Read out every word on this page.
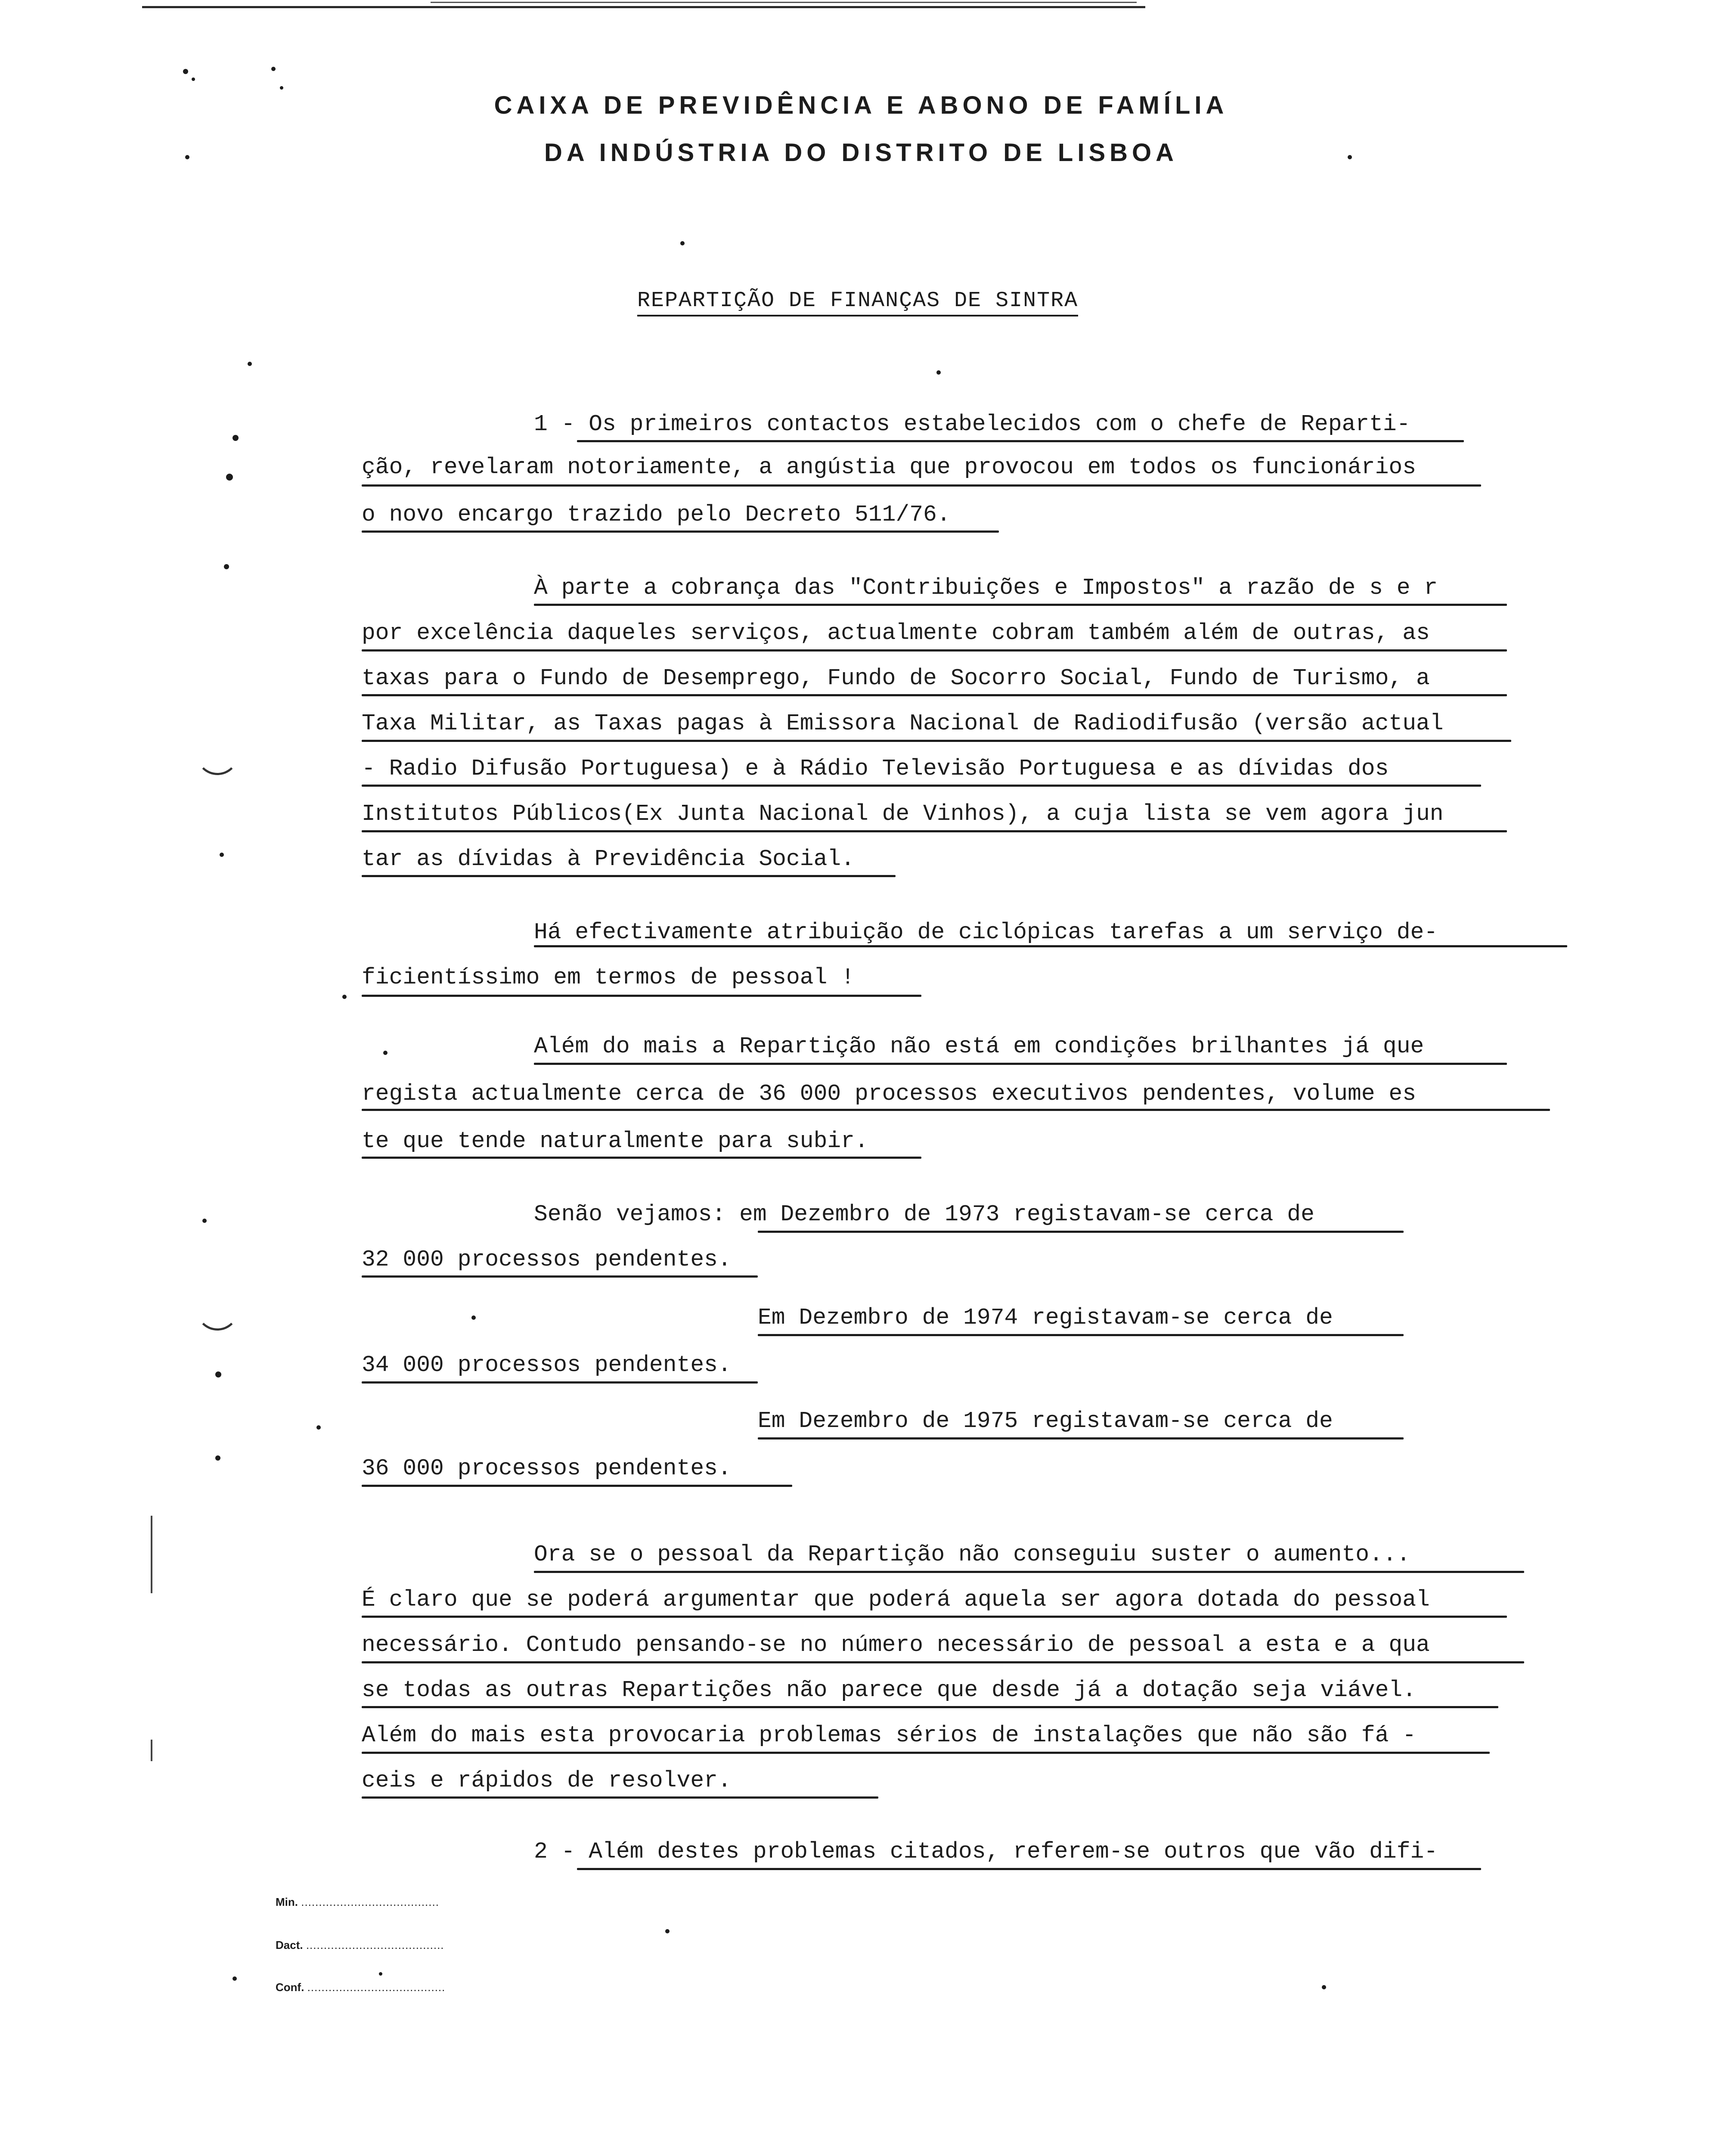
CAIXA DE PREVIDÊNCIA E ABONO DE FAMÍLIA
DA INDÚSTRIA DO DISTRITO DE LISBOA
REPARTIÇÃO DE FINANÇAS DE SINTRA
1 - Os primeiros contactos estabelecidos com o chefe de Reparti-
ção, revelaram notoriamente, a angústia que provocou em todos os funcionários
o novo encargo trazido pelo Decreto 511/76.
À parte a cobrança das "Contribuições e Impostos" a razão de s e r
por excelência daqueles serviços, actualmente cobram também além de outras, as
taxas para o Fundo de Desemprego, Fundo de Socorro Social, Fundo de Turismo, a
Taxa Militar, as Taxas pagas à Emissora Nacional de Radiodifusão (versão actual
- Radio Difusão Portuguesa) e à Rádio Televisão Portuguesa e as dívidas dos
Institutos Públicos(Ex Junta Nacional de Vinhos), a cuja lista se vem agora jun
tar as dívidas à Previdência Social.
Há efectivamente atribuição de ciclópicas tarefas a um serviço de-
ficientíssimo em termos de pessoal !
Além do mais a Repartição não está em condições brilhantes já que
regista actualmente cerca de 36 000 processos executivos pendentes, volume es
te que tende naturalmente para subir.
Senão vejamos: em Dezembro de 1973 registavam-se cerca de
32 000 processos pendentes.
Em Dezembro de 1974 registavam-se cerca de
34 000 processos pendentes.
Em Dezembro de 1975 registavam-se cerca de
36 000 processos pendentes.
Ora se o pessoal da Repartição não conseguiu suster o aumento...
É claro que se poderá argumentar que poderá aquela ser agora dotada do pessoal
necessário. Contudo pensando-se no número necessário de pessoal a esta e a qua
se todas as outras Repartições não parece que desde já a dotação seja viável.
Além do mais esta provocaria problemas sérios de instalações que não são fá -
ceis e rápidos de resolver.
2 - Além destes problemas citados, referem-se outros que vão difi-
Min. .......................................
Dact. .......................................
Conf. .......................................
